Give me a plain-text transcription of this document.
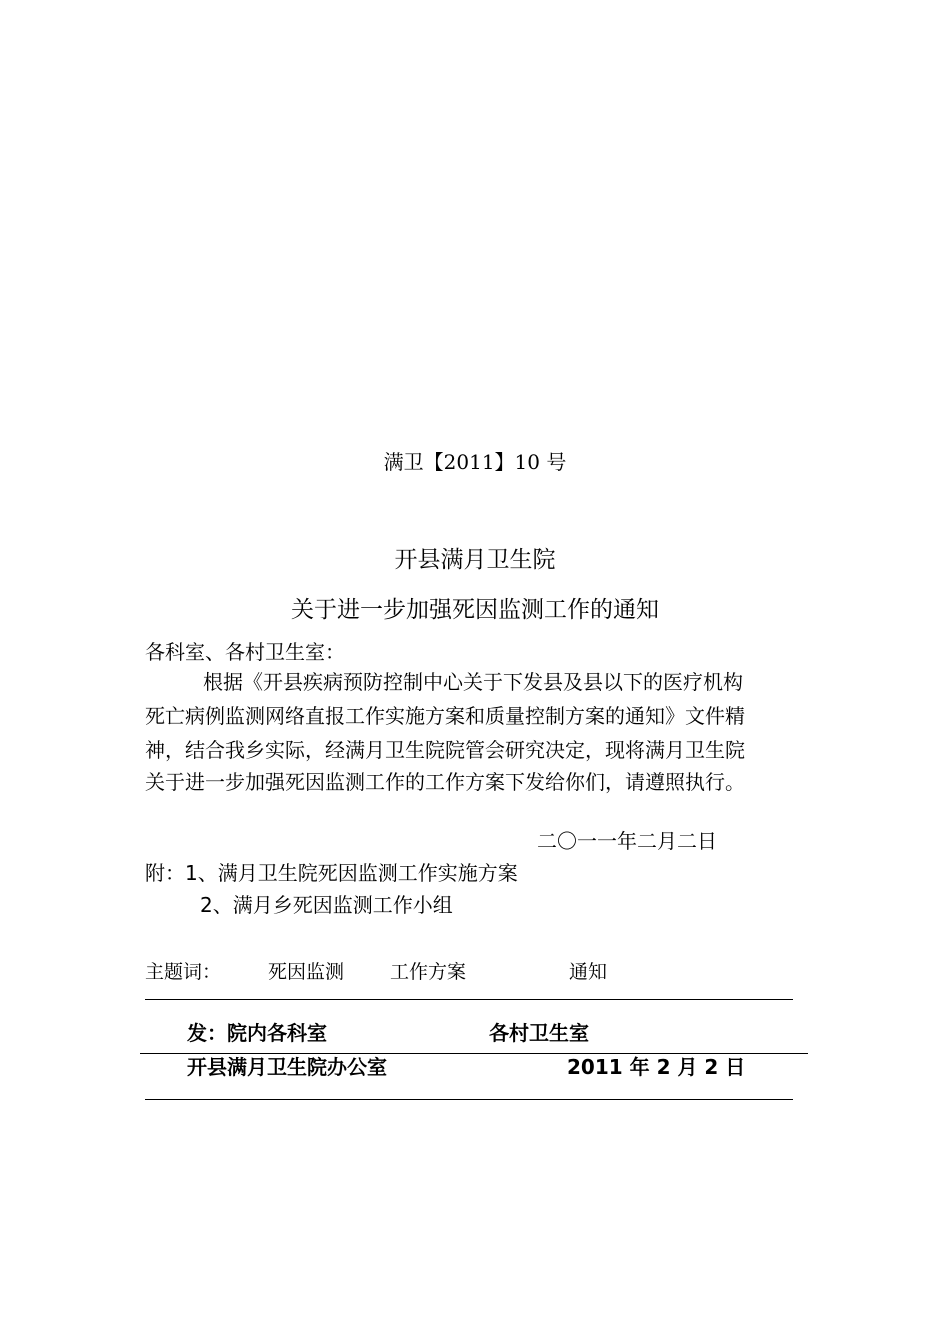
满卫【2011】10 号
开县满月卫生院
关于进一步加强死因监测工作的通知
各科室、各村卫生室：
根据《开县疾病预防控制中心关于下发县及县以下的医疗机构
死亡病例监测网络直报工作实施方案和质量控制方案的通知》文件精
神，结合我乡实际，经满月卫生院院管会研究决定，现将满月卫生院
关于进一步加强死因监测工作的工作方案下发给你们，请遵照执行。
二〇一一年二月二日
附：1、满月卫生院死因监测工作实施方案
2、满月乡死因监测工作小组
主题词： 死因监测 工作方案	通知
发：院内各科室	各村卫生室
开县满月卫生院办公室	2011 年 2 月 2 日
